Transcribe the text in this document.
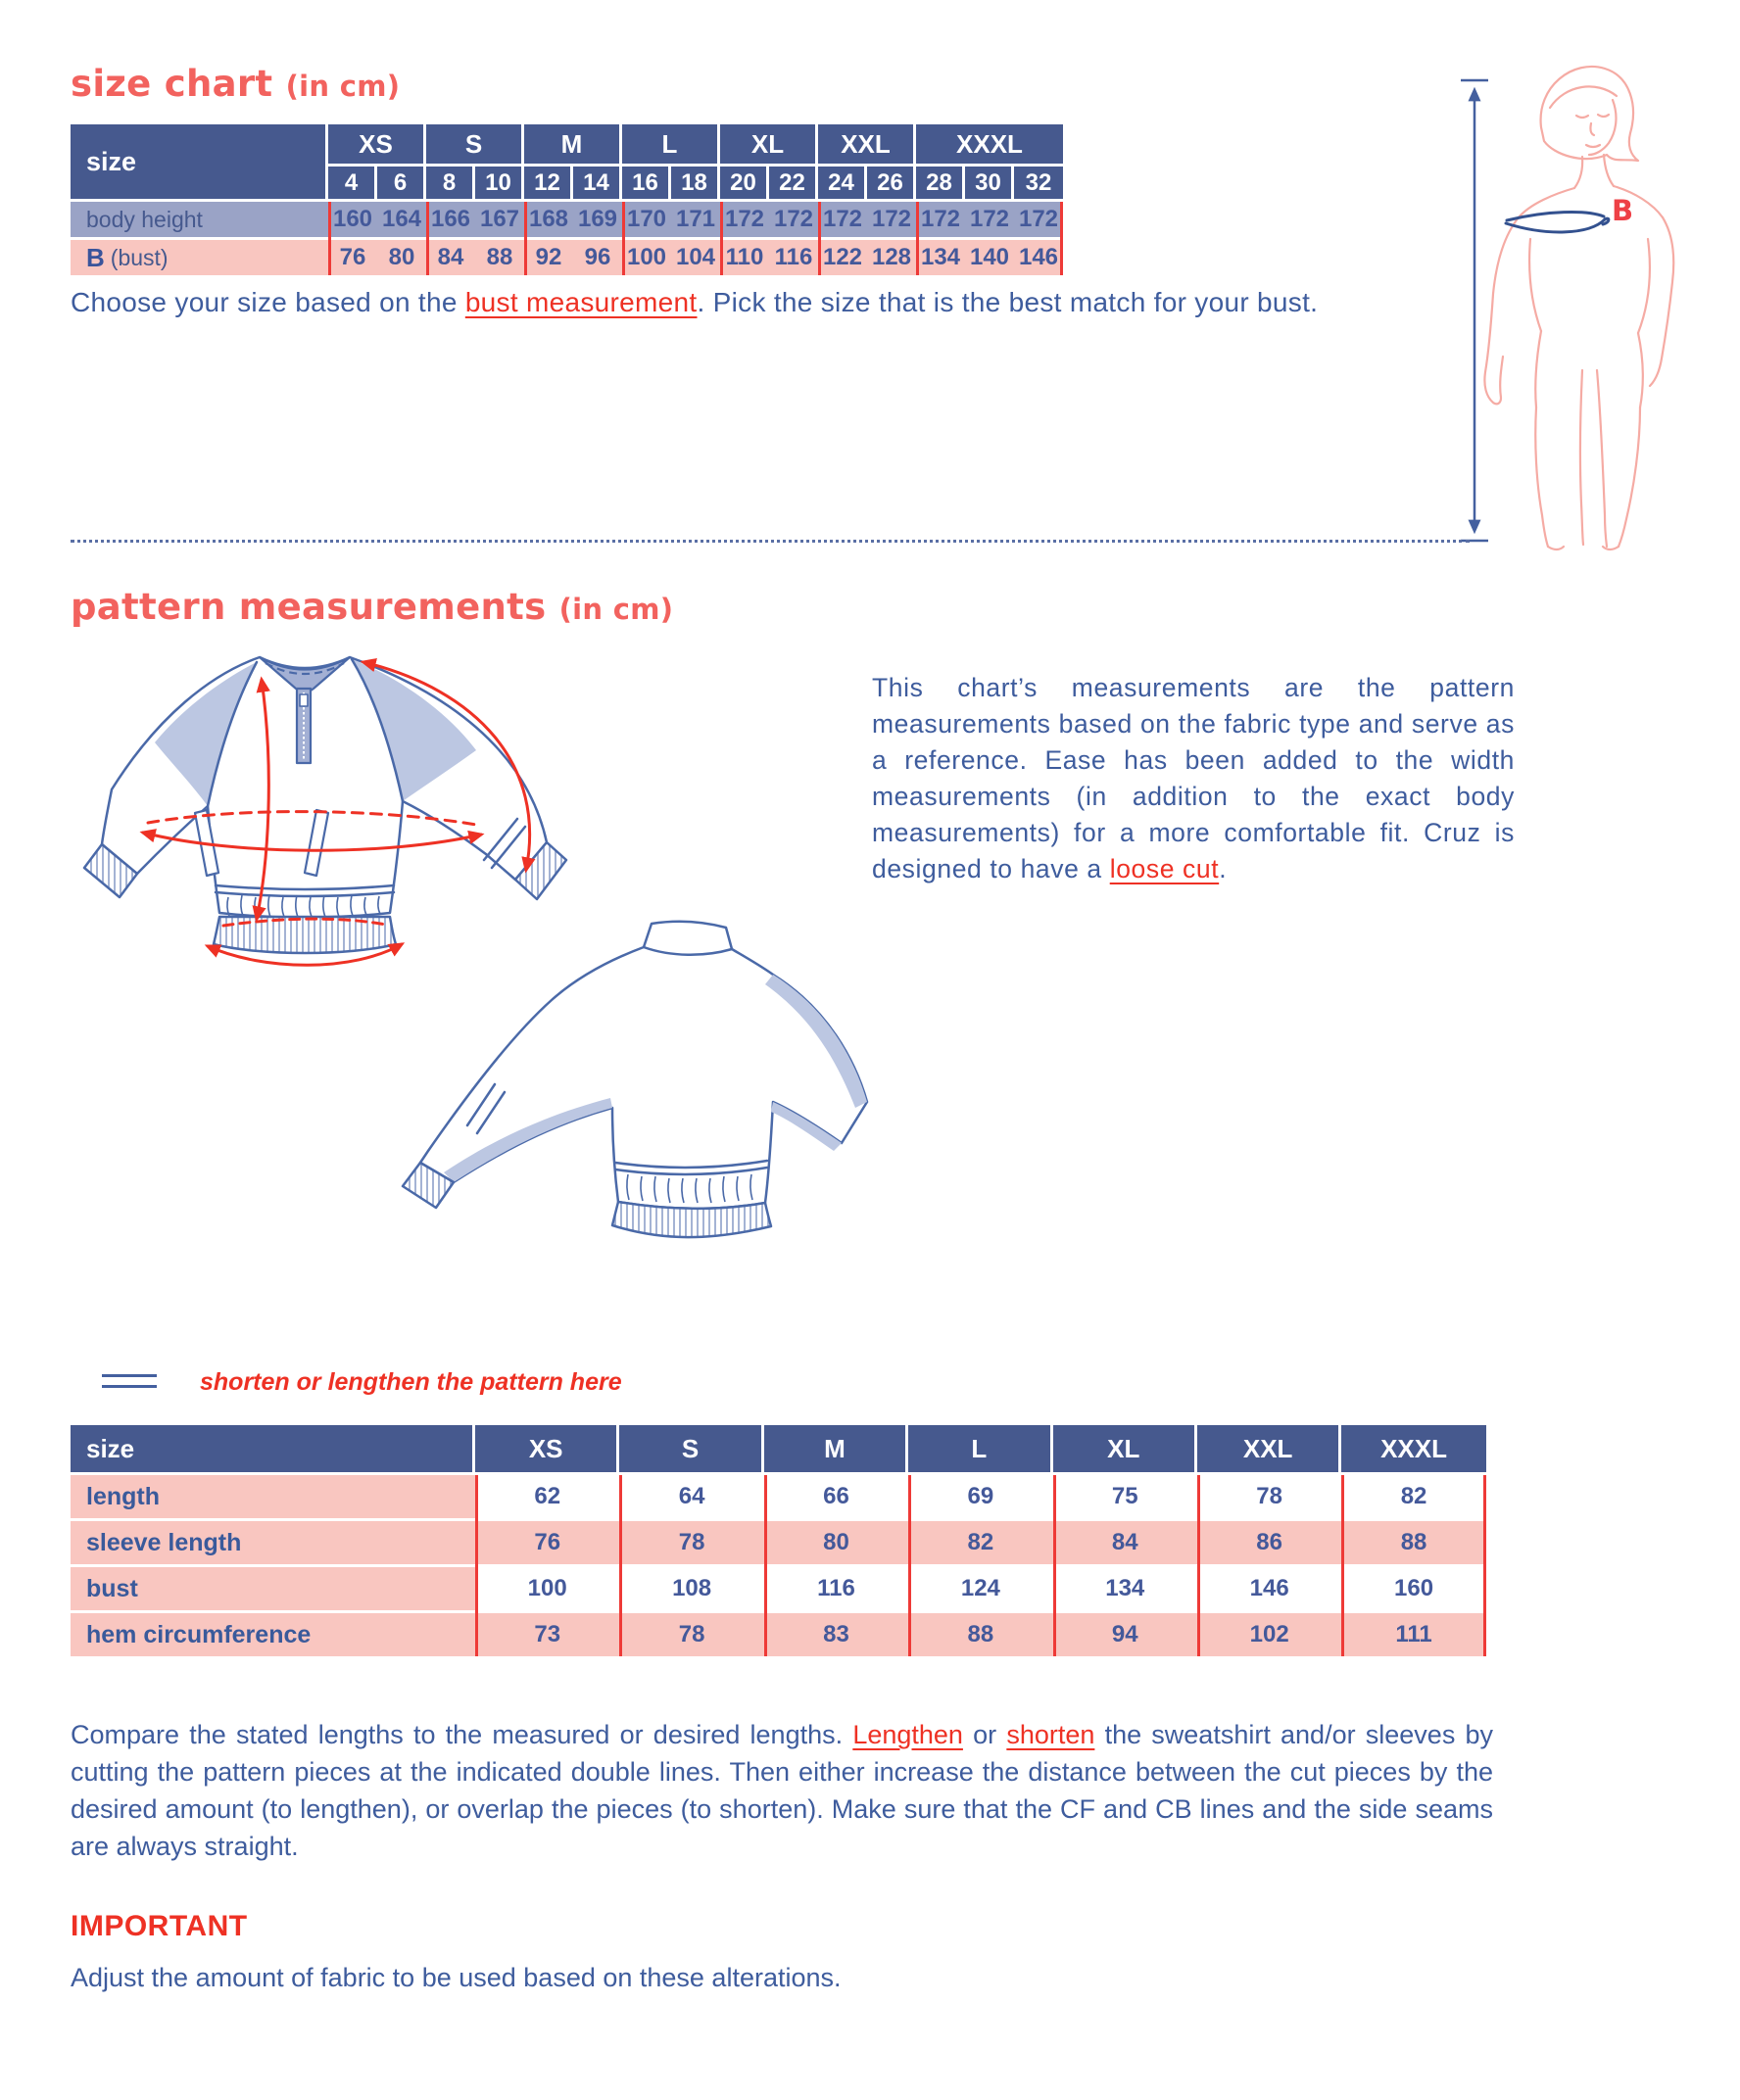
size chart (in cm)
size
XS	S	M	L	XL	XXL	XXXL
4	6	8	10 12 14 16 18 20 22 24 26 28 30	32
body height	160 164 166 167 168 169 170 171 172 172 172 172 172 172 172
B (bust)	76 80 84 88 92 96 100 104 110 116 122 128 134 140 146
Choose your size based on the bust measurement. Pick the size that is the best match for your bust.
B
pattern measurements (in cm)
This chart’s measurements are the pattern measurements based on the fabric type and serve as a reference. Ease has been added to the width measurements (in addition to the exact body measurements) for a more comfortable fit. Cruz is designed to have a loose cut.
shorten or lengthen the pattern here
size	XS	S	M	L	XL	XXL	XXXL
length	62	64	66	69	75	78	82
sleeve length	76	78	80	82	84	86	88
bust	100	108	116	124	134	146	160
hem circumference	73	78	83	88	94	102	111
Compare the stated lengths to the measured or desired lengths. Lengthen or shorten the sweatshirt and/or sleeves by cutting the pattern pieces at the indicated double lines. Then either increase the distance between the cut pieces by the desired amount (to lengthen), or overlap the pieces (to shorten). Make sure that the CF and CB lines and the side seams are always straight.
IMPORTANT
Adjust the amount of fabric to be used based on these alterations.
